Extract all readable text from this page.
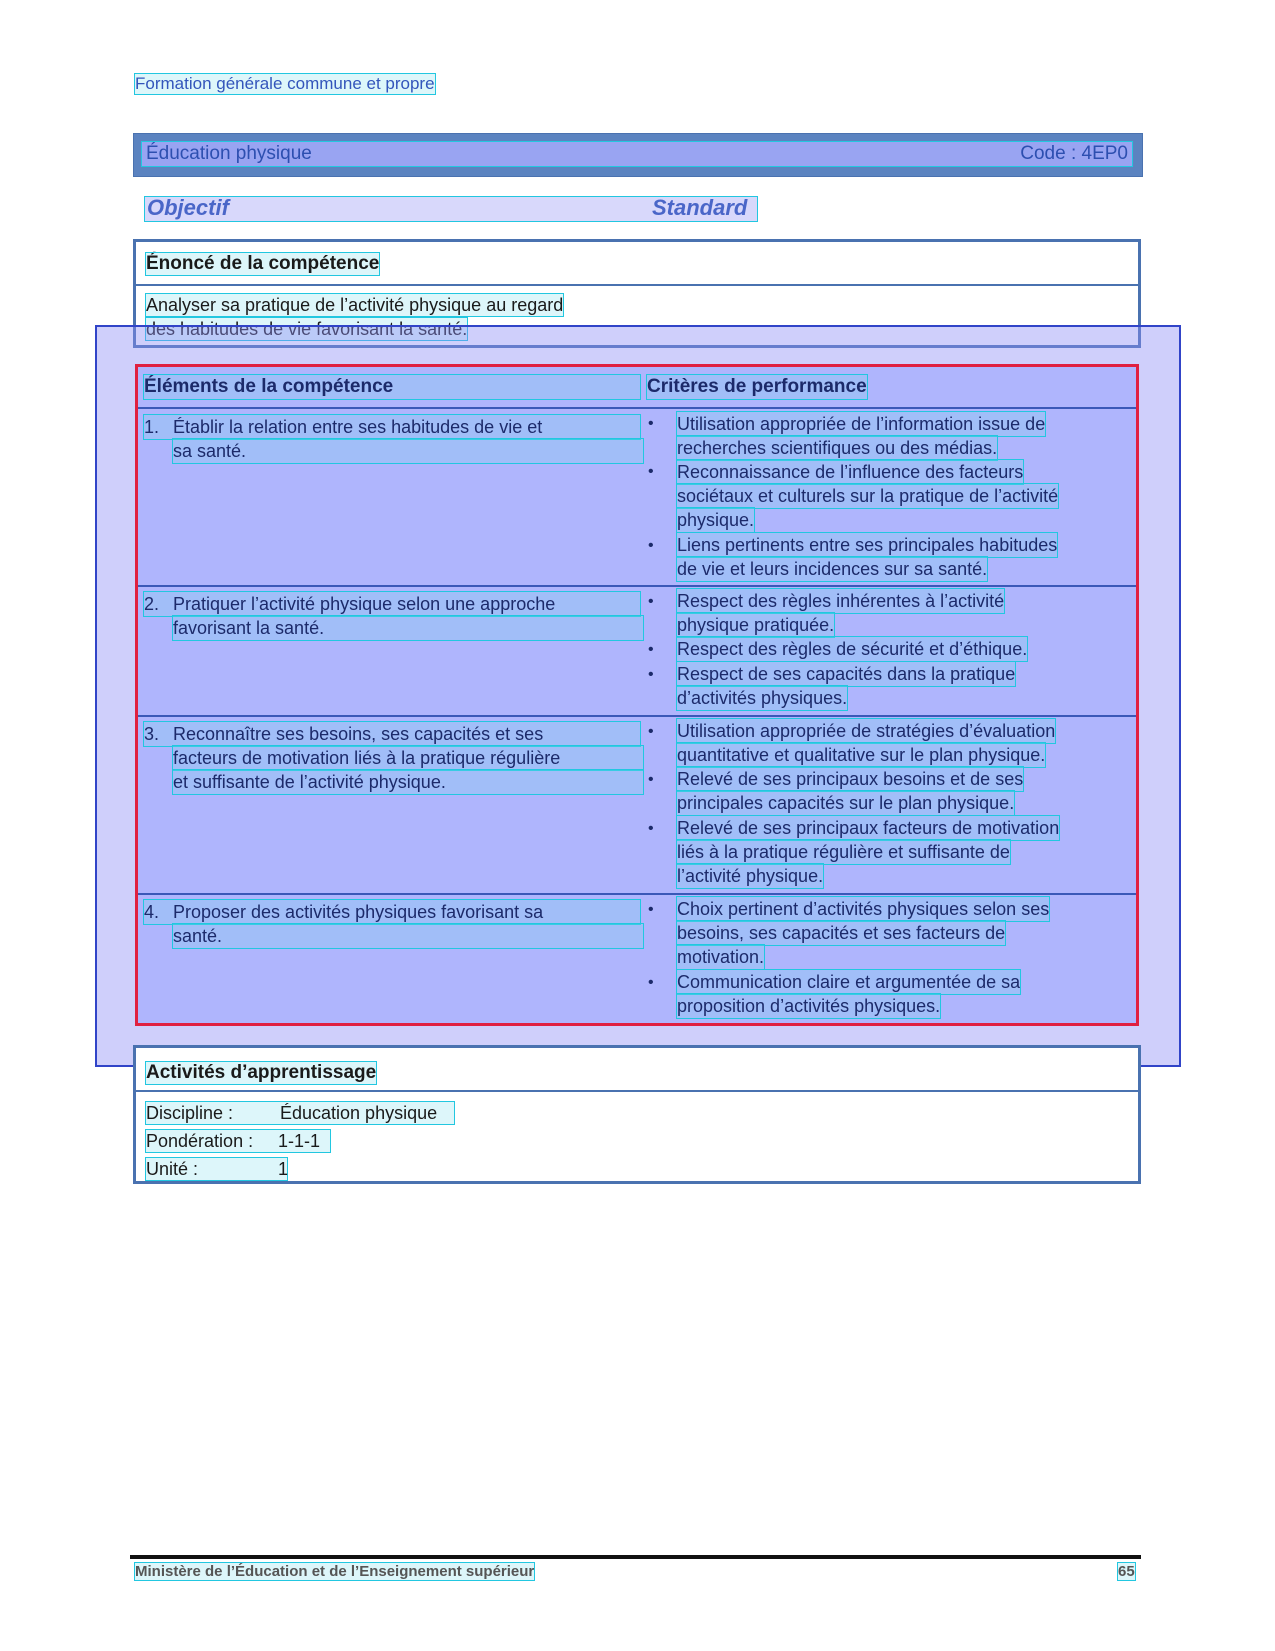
Formation générale commune et propre
Éducation physique	Code : 4EP0
Objectif	Standard
Énoncé de la compétence
Analyser sa pratique de l’activité physique au regard
des habitudes de vie favorisant la santé.
Éléments de la compétence	Critères de performance
1. Établir la relation entre ses habitudes de vie et
sa santé.
• Utilisation appropriée de l’information issue de
recherches scientifiques ou des médias.
• Reconnaissance de l’influence des facteurs
sociétaux et culturels sur la pratique de l’activité
physique.
• Liens pertinents entre ses principales habitudes
de vie et leurs incidences sur sa santé.
2. Pratiquer l’activité physique selon une approche
favorisant la santé.
• Respect des règles inhérentes à l’activité
physique pratiquée.
• Respect des règles de sécurité et d’éthique.
• Respect de ses capacités dans la pratique
d’activités physiques.
3. Reconnaître ses besoins, ses capacités et ses
facteurs de motivation liés à la pratique régulière
et suffisante de l’activité physique.
• Utilisation appropriée de stratégies d’évaluation
quantitative et qualitative sur le plan physique.
• Relevé de ses principaux besoins et de ses
principales capacités sur le plan physique.
• Relevé de ses principaux facteurs de motivation
liés à la pratique régulière et suffisante de
l’activité physique.
4. Proposer des activités physiques favorisant sa
santé.
• Choix pertinent d’activités physiques selon ses
besoins, ses capacités et ses facteurs de
motivation.
• Communication claire et argumentée de sa
proposition d’activités physiques.
Activités d’apprentissage
Discipline :	Éducation physique
Pondération : 1-1-1
Unité :	1
Ministère de l’Éducation et de l’Enseignement supérieur	65
